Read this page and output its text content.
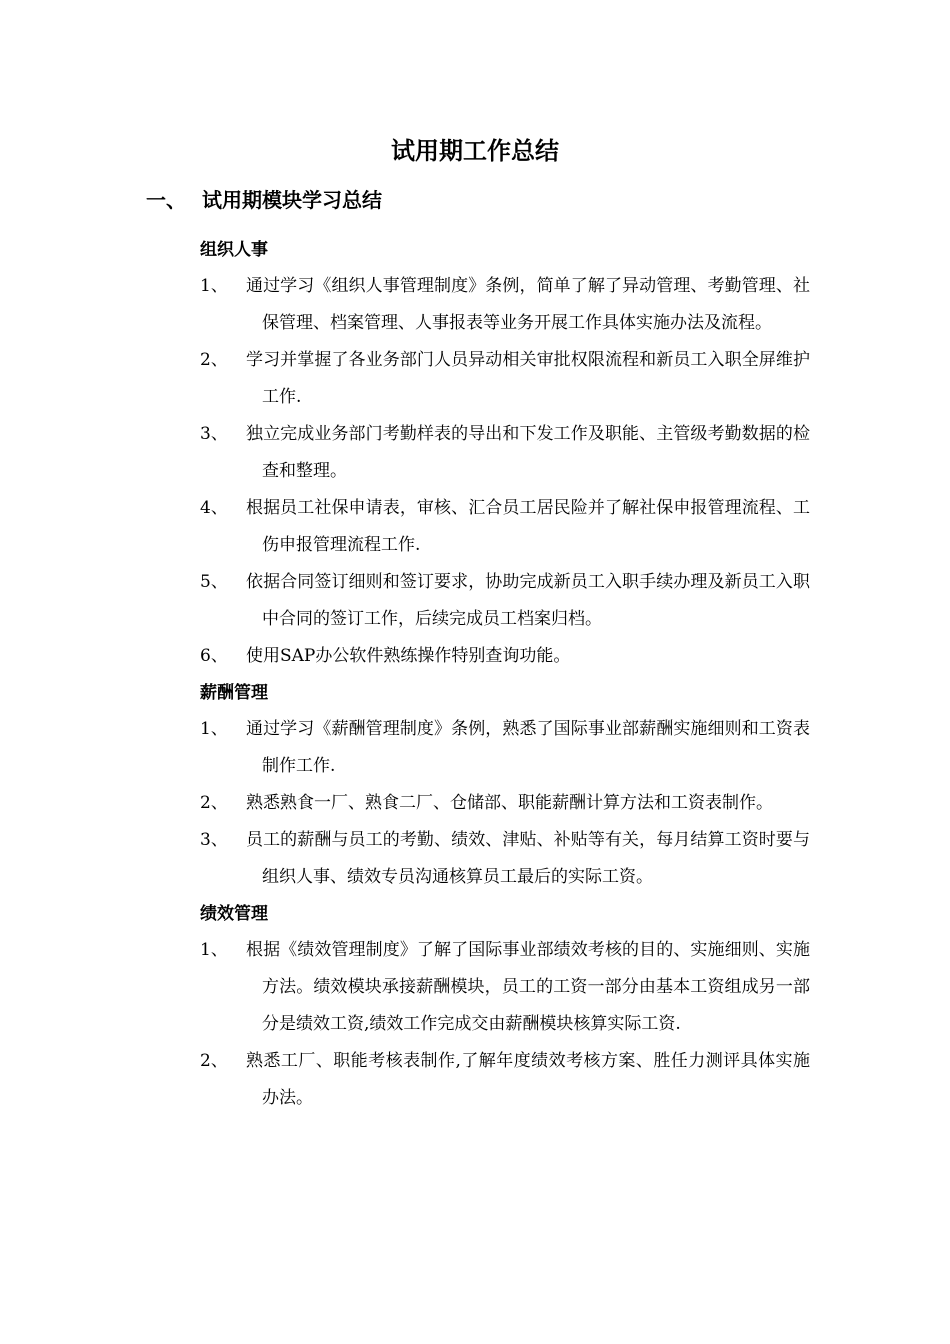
试用期工作总结
一、 试用期模块学习总结

组织人事

1、	通过学习《组织人事管理制度》条例，简单了解了异动管理、考勤管理、社保管理、档案管理、人事报表等业务开展工作具体实施办法及流程。
2、	学习并掌握了各业务部门人员异动相关审批权限流程和新员工入职全屏维护工作.
3、	独立完成业务部门考勤样表的导出和下发工作及职能、主管级考勤数据的检查和整理。
4、	根据员工社保申请表，审核、汇合员工居民险并了解社保申报管理流程、工伤申报管理流程工作.
5、	依据合同签订细则和签订要求，协助完成新员工入职手续办理及新员工入职中合同的签订工作，后续完成员工档案归档。
6、	使用SAP办公软件熟练操作特别查询功能。

薪酬管理

1、	通过学习《薪酬管理制度》条例，熟悉了国际事业部薪酬实施细则和工资表制作工作.
2、	熟悉熟食一厂、熟食二厂、仓储部、职能薪酬计算方法和工资表制作。
3、	员工的薪酬与员工的考勤、绩效、津贴、补贴等有关，每月结算工资时要与组织人事、绩效专员沟通核算员工最后的实际工资。

绩效管理

1、	根据《绩效管理制度》了解了国际事业部绩效考核的目的、实施细则、实施方法。绩效模块承接薪酬模块，员工的工资一部分由基本工资组成另一部分是绩效工资,绩效工作完成交由薪酬模块核算实际工资.
2、	熟悉工厂、职能考核表制作,了解年度绩效考核方案、胜任力测评具体实施办法。
